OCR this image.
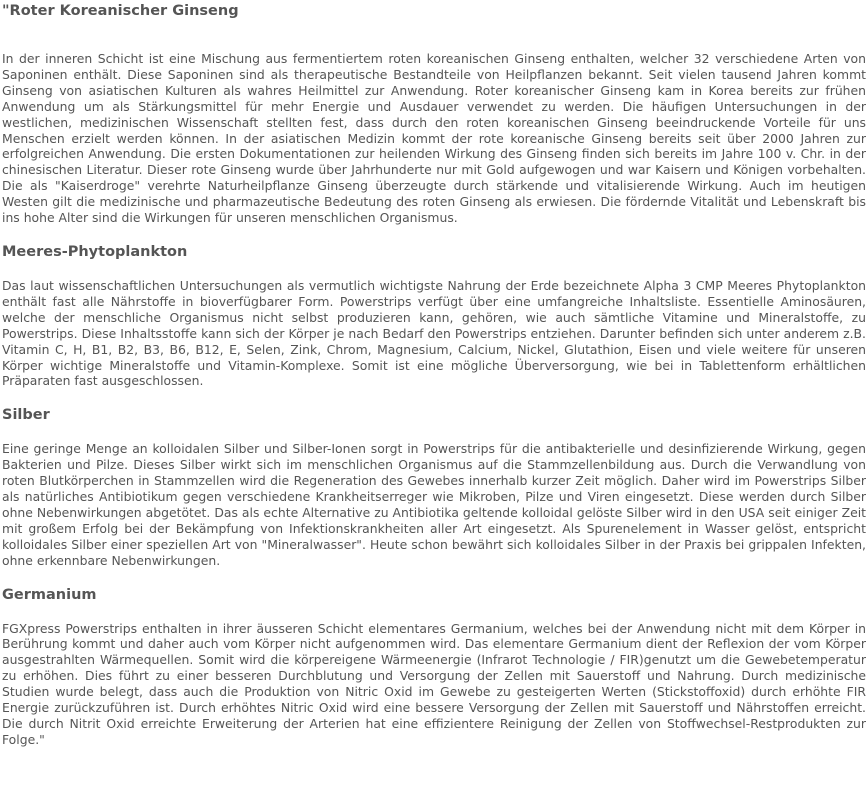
"Roter Koreanischer Ginseng

In der inneren Schicht ist eine Mischung aus fermentiertem roten koreanischen Ginseng enthalten, welcher 32 verschiedene Arten von Saponinen enthält. Diese Saponinen sind als therapeutische Bestandteile von Heilpflanzen bekannt. Seit vielen tausend Jahren kommt Ginseng von asiatischen Kulturen als wahres Heilmittel zur Anwendung. Roter koreanischer Ginseng kam in Korea bereits zur frühen Anwendung um als Stärkungsmittel für mehr Energie und Ausdauer verwendet zu werden. Die häufigen Untersuchungen in der westlichen, medizinischen Wissenschaft stellten fest, dass durch den roten koreanischen Ginseng beeindruckende Vorteile für uns Menschen erzielt werden können. In der asiatischen Medizin kommt der rote koreanische Ginseng bereits seit über 2000 Jahren zur erfolgreichen Anwendung. Die ersten Dokumentationen zur heilenden Wirkung des Ginseng finden sich bereits im Jahre 100 v. Chr. in der chinesischen Literatur. Dieser rote Ginseng wurde über Jahrhunderte nur mit Gold aufgewogen und war Kaisern und Königen vorbehalten. Die als "Kaiserdroge" verehrte Naturheilpflanze Ginseng überzeugte durch stärkende und vitalisierende Wirkung. Auch im heutigen Westen gilt die medizinische und pharmazeutische Bedeutung des roten Ginseng als erwiesen. Die fördernde Vitalität und Lebenskraft bis ins hohe Alter sind die Wirkungen für unseren menschlichen Organismus.

Meeres-Phytoplankton

Das laut wissenschaftlichen Untersuchungen als vermutlich wichtigste Nahrung der Erde bezeichnete Alpha 3 CMP Meeres Phytoplankton enthält fast alle Nährstoffe in bioverfügbarer Form. Powerstrips verfügt über eine umfangreiche Inhaltsliste. Essentielle Aminosäuren, welche der menschliche Organismus nicht selbst produzieren kann, gehören, wie auch sämtliche Vitamine und Mineralstoffe, zu Powerstrips. Diese Inhaltsstoffe kann sich der Körper je nach Bedarf den Powerstrips entziehen. Darunter befinden sich unter anderem z.B. Vitamin C, H, B1, B2, B3, B6, B12, E, Selen, Zink, Chrom, Magnesium, Calcium, Nickel, Glutathion, Eisen und viele weitere für unseren Körper wichtige Mineralstoffe und Vitamin-Komplexe. Somit ist eine mögliche Überversorgung, wie bei in Tablettenform erhältlichen Präparaten fast ausgeschlossen.

Silber

Eine geringe Menge an kolloidalen Silber und Silber-Ionen sorgt in Powerstrips für die antibakterielle und desinfizierende Wirkung, gegen Bakterien und Pilze. Dieses Silber wirkt sich im menschlichen Organismus auf die Stammzellenbildung aus. Durch die Verwandlung von roten Blutkörperchen in Stammzellen wird die Regeneration des Gewebes innerhalb kurzer Zeit möglich. Daher wird im Powerstrips Silber als natürliches Antibiotikum gegen verschiedene Krankheitserreger wie Mikroben, Pilze und Viren eingesetzt. Diese werden durch Silber ohne Nebenwirkungen abgetötet. Das als echte Alternative zu Antibiotika geltende kolloidal gelöste Silber wird in den USA seit einiger Zeit mit großem Erfolg bei der Bekämpfung von Infektionskrankheiten aller Art eingesetzt. Als Spurenelement in Wasser gelöst, entspricht kolloidales Silber einer speziellen Art von "Mineralwasser". Heute schon bewährt sich kolloidales Silber in der Praxis bei grippalen Infekten, ohne erkennbare Nebenwirkungen.

Germanium

FGXpress Powerstrips enthalten in ihrer äusseren Schicht elementares Germanium, welches bei der Anwendung nicht mit dem Körper in Berührung kommt und daher auch vom Körper nicht aufgenommen wird. Das elementare Germanium dient der Reflexion der vom Körper ausgestrahlten Wärmequellen. Somit wird die körpereigene Wärmeenergie (Infrarot Technologie / FIR)genutzt um die Gewebetemperatur zu erhöhen. Dies führt zu einer besseren Durchblutung und Versorgung der Zellen mit Sauerstoff und Nahrung. Durch medizinische Studien wurde belegt, dass auch die Produktion von Nitric Oxid im Gewebe zu gesteigerten Werten (Stickstoffoxid) durch erhöhte FIR Energie zurückzuführen ist. Durch erhöhtes Nitric Oxid wird eine bessere Versorgung der Zellen mit Sauerstoff und Nährstoffen erreicht. Die durch Nitrit Oxid erreichte Erweiterung der Arterien hat eine effizientere Reinigung der Zellen von Stoffwechsel-Restprodukten zur Folge."
